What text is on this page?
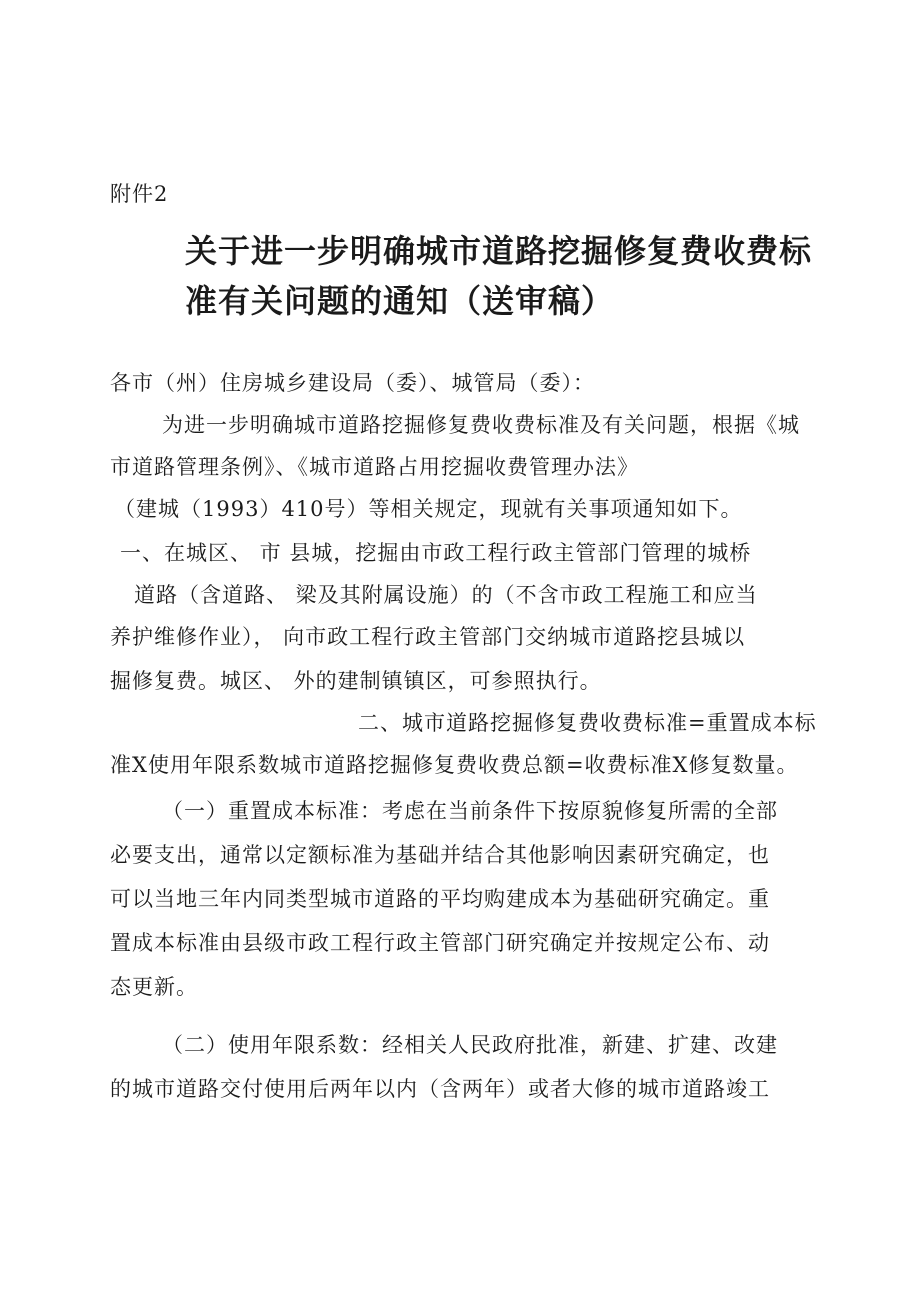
附件2
关于进一步明确城市道路挖掘修复费收费标
准有关问题的通知（送审稿）
各市（州）住房城乡建设局（委）、城管局（委）：
为进一步明确城市道路挖掘修复费收费标准及有关问题，根据《城
市道路管理条例》、《城市道路占用挖掘收费管理办法》
（建城（1993）410号）等相关规定，现就有关事项通知如下。
一、在城区、 市 县城，挖掘由市政工程行政主管部门管理的城桥
道路（含道路、 梁及其附属设施）的（不含市政工程施工和应当
养护维修作业）， 向市政工程行政主管部门交纳城市道路挖县城以
掘修复费。城区、 外的建制镇镇区，可参照执行。
二、城市道路挖掘修复费收费标准=重置成本标
准X使用年限系数城市道路挖掘修复费收费总额=收费标准X修复数量。
（一）重置成本标准：考虑在当前条件下按原貌修复所需的全部
必要支出，通常以定额标准为基础并结合其他影响因素研究确定，也
可以当地三年内同类型城市道路的平均购建成本为基础研究确定。重
置成本标准由县级市政工程行政主管部门研究确定并按规定公布、动
态更新。
（二）使用年限系数：经相关人民政府批准，新建、扩建、改建
的城市道路交付使用后两年以内（含两年）或者大修的城市道路竣工
